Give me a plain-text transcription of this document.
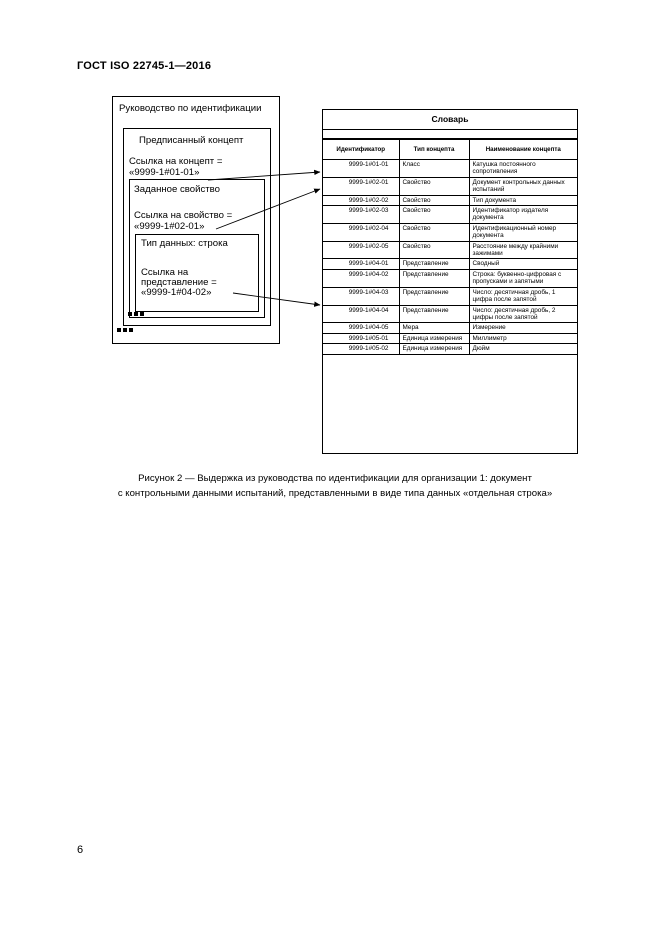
ГОСТ ISO 22745-1—2016
Руководство по идентификации
Предписанный концепт
Ссылка на концепт =
«9999-1#01-01»
Заданное свойство
Ссылка на свойство =
«9999-1#02-01»
Тип данных: строка
Ссылка на
представление =
«9999-1#04-02»
Словарь
Идентификатор	Тип концепта	Наименование концепта
9999-1#01-01	Класс	Катушка постоянного сопротивления
9999-1#02-01	Свойство	Документ контрольных данных испытаний
9999-1#02-02	Свойство	Тип документа
9999-1#02-03	Свойство	Идентификатор издателя документа
9999-1#02-04	Свойство	Идентификационный номер документа
9999-1#02-05	Свойство	Расстояние между крайними зажимами
9999-1#04-01	Представление	Сводный
9999-1#04-02	Представление	Строка: буквенно-цифровая с пропусками и запятыми
9999-1#04-03	Представление	Число: десятичная дробь, 1 цифра после запятой
9999-1#04-04	Представление	Число: десятичная дробь, 2 цифры после запятой
9999-1#04-05	Мера	Измерение
9999-1#05-01	Единица измерения	Миллиметр
9999-1#05-02	Единица измерения	Дюйм
Рисунок 2 — Выдержка из руководства по идентификации для организации 1: документ
с контрольными данными испытаний, представленными в виде типа данных «отдельная строка»
6
